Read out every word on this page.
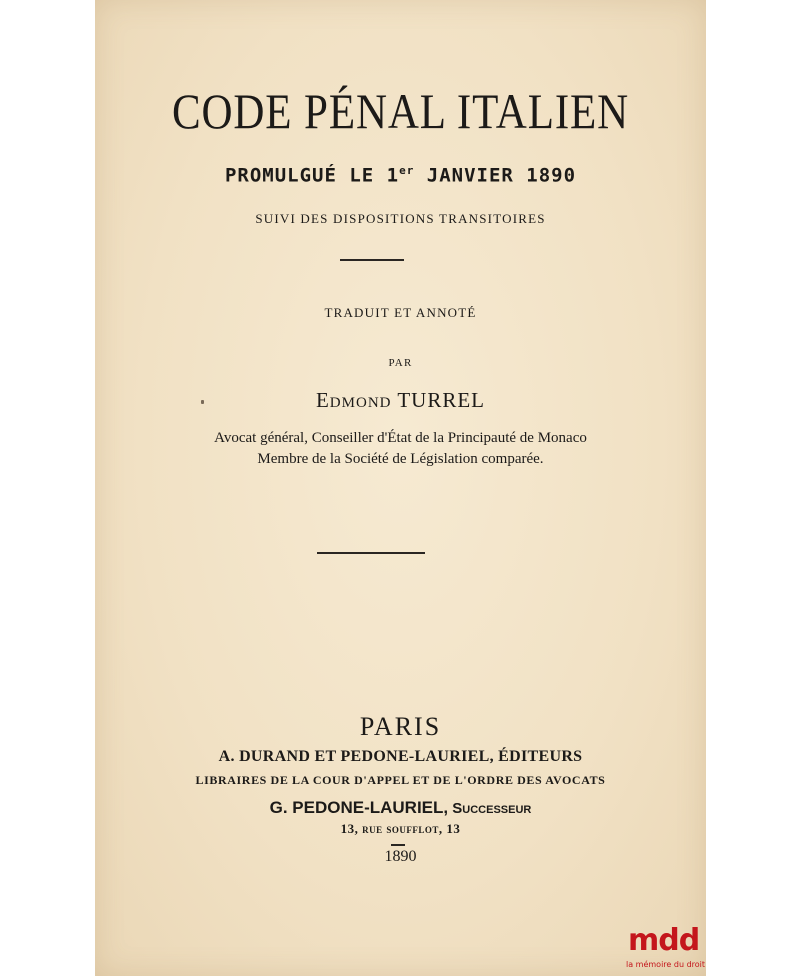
CODE PÉNAL ITALIEN
PROMULGUÉ LE 1er JANVIER 1890
SUIVI DES DISPOSITIONS TRANSITOIRES
TRADUIT ET ANNOTÉ
PAR
Edmond TURREL
Avocat général, Conseiller d'État de la Principauté de Monaco
Membre de la Société de Législation comparée.
PARIS
A. DURAND ET PEDONE-LAURIEL, ÉDITEURS
LIBRAIRES DE LA COUR D'APPEL ET DE L'ORDRE DES AVOCATS
G. PEDONE-LAURIEL, Successeur
13, rue soufflot, 13
1890
mdd
la mémoire du droit
